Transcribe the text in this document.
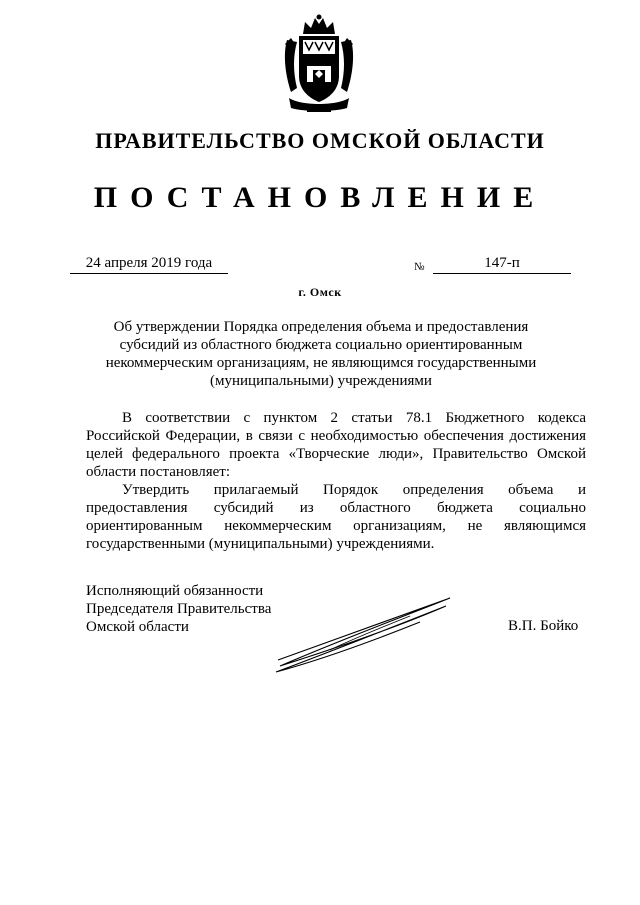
ПРАВИТЕЛЬСТВО ОМСКОЙ ОБЛАСТИ
ПОСТАНОВЛЕНИЕ
24 апреля 2019 года	№	147-п
г. Омск
Об утверждении Порядка определения объема и предоставления субсидий из областного бюджета социально ориентированным некоммерческим организациям, не являющимся государственными (муниципальными) учреждениями

В соответствии с пунктом 2 статьи 78.1 Бюджетного кодекса Российской Федерации, в связи с необходимостью обеспечения достижения целей федерального проекта «Творческие люди», Правительство Омской области постановляет:

Утвердить прилагаемый Порядок определения объема и предоставления субсидий из областного бюджета социально ориентированным некоммерческим организациям, не являющимся государственными (муниципальными) учреждениями.

Исполняющий обязанности
Председателя Правительства
Омской области	В.П. Бойко
